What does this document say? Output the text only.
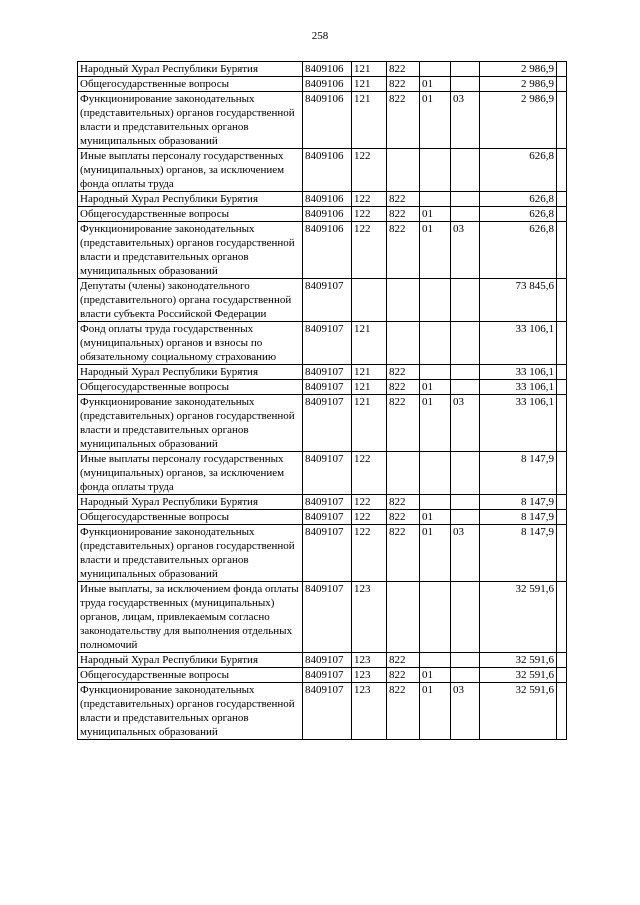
258
Народный Хурал Республики Бурятия	8409106	121	822			2 986,9	
Общегосударственные вопросы	8409106	121	822	01		2 986,9	
Функционирование законодательных (представительных) органов государственной власти и представительных органов муниципальных образований	8409106	121	822	01	03	2 986,9	
Иные выплаты персоналу государственных (муниципальных) органов, за исключением фонда оплаты труда	8409106	122				626,8	
Народный Хурал Республики Бурятия	8409106	122	822			626,8	
Общегосударственные вопросы	8409106	122	822	01		626,8	
Функционирование законодательных (представительных) органов государственной власти и представительных органов муниципальных образований	8409106	122	822	01	03	626,8	
Депутаты (члены) законодательного (представительного) органа государственной власти субъекта Российской Федерации	8409107					73 845,6	
Фонд оплаты труда государственных (муниципальных) органов и взносы по обязательному социальному страхованию	8409107	121				33 106,1	
Народный Хурал Республики Бурятия	8409107	121	822			33 106,1	
Общегосударственные вопросы	8409107	121	822	01		33 106,1	
Функционирование законодательных (представительных) органов государственной власти и представительных органов муниципальных образований	8409107	121	822	01	03	33 106,1	
Иные выплаты персоналу государственных (муниципальных) органов, за исключением фонда оплаты труда	8409107	122				8 147,9	
Народный Хурал Республики Бурятия	8409107	122	822			8 147,9	
Общегосударственные вопросы	8409107	122	822	01		8 147,9	
Функционирование законодательных (представительных) органов государственной власти и представительных органов муниципальных образований	8409107	122	822	01	03	8 147,9	
Иные выплаты, за исключением фонда оплаты труда государственных (муниципальных) органов, лицам, привлекаемым согласно законодательству для выполнения отдельных полномочий	8409107	123				32 591,6	
Народный Хурал Республики Бурятия	8409107	123	822			32 591,6	
Общегосударственные вопросы	8409107	123	822	01		32 591,6	
Функционирование законодательных (представительных) органов государственной власти и представительных органов муниципальных образований	8409107	123	822	01	03	32 591,6	
